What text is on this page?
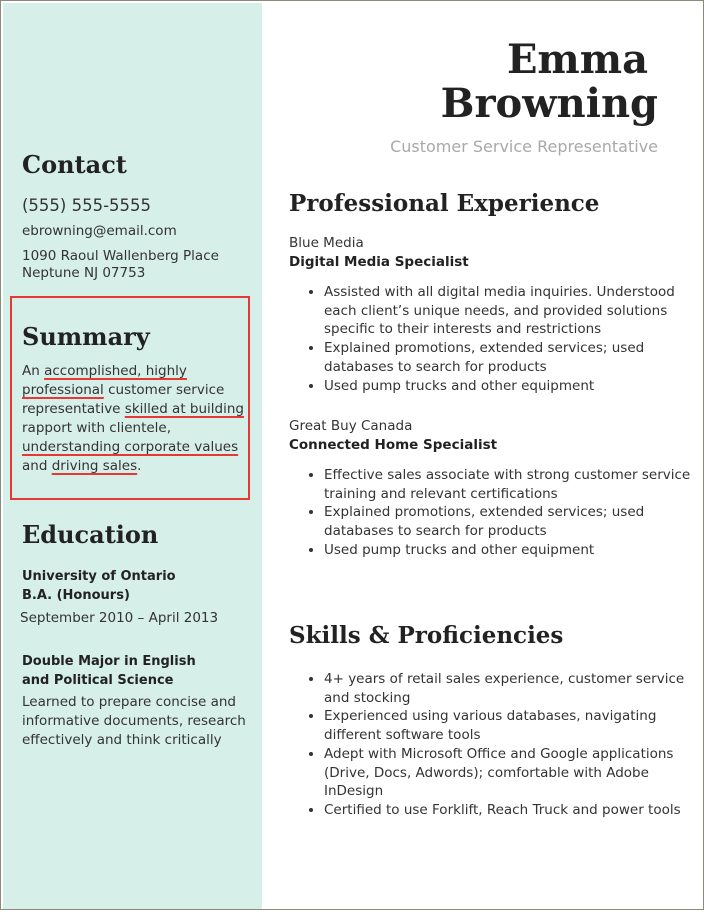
Contact
(555) 555-5555
ebrowning@email.com
1090 Raoul Wallenberg Place
Neptune NJ 07753
Summary
An accomplished, highly professional customer service representative skilled at building rapport with clientele, understanding corporate values and driving sales.
Education
University of Ontario
B.A. (Honours)
September 2010 – April 2013
Double Major in English
and Political Science
Learned to prepare concise and informative documents, research effectively and think critically
Emma
Browning
Customer Service Representative
Professional Experience
Blue Media
Digital Media Specialist
• Assisted with all digital media inquiries. Understood each client’s unique needs, and provided solutions specific to their interests and restrictions
• Explained promotions, extended services; used databases to search for products
• Used pump trucks and other equipment
Great Buy Canada
Connected Home Specialist
• Effective sales associate with strong customer service training and relevant certifications
• Explained promotions, extended services; used databases to search for products
• Used pump trucks and other equipment
Skills & Proficiencies
• 4+ years of retail sales experience, customer service and stocking
• Experienced using various databases, navigating different software tools
• Adept with Microsoft Office and Google applications (Drive, Docs, Adwords); comfortable with Adobe InDesign
• Certified to use Forklift, Reach Truck and power tools
